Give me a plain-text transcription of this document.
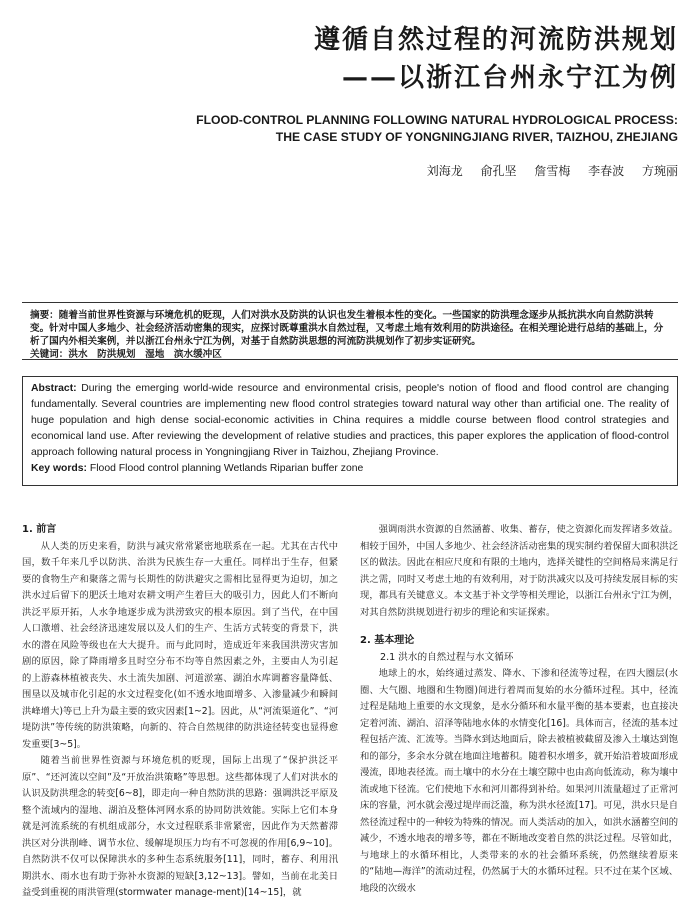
遵循自然过程的河流防洪规划
——以浙江台州永宁江为例
FLOOD-CONTROL PLANNING FOLLOWING NATURAL HYDROLOGICAL PROCESS:
THE CASE STUDY OF YONGNINGJIANG RIVER, TAIZHOU, ZHEJIANG
刘海龙 俞孔坚 詹雪梅 李春波 方琬丽
摘要：随着当前世界性资源与环境危机的贬现，人们对洪水及防洪的认识也发生着根本性的变化。一些国家的防洪理念逐步从抵抗洪水向自然防洪转变。针对中国人多地少、社会经济活动密集的现实，应探讨既尊重洪水自然过程，又考虑土地有效利用的防洪途径。在相关理论进行总结的基础上，分析了国内外相关案例，并以浙江台州永宁江为例，对基于自然防洪思想的河流防洪规划作了初步实证研究。
关键词：洪水　防洪规划　湿地　滨水缓冲区
Abstract: During the emerging world-wide resource and environmental crisis, people's notion of flood and flood control are changing fundamentally. Several countries are implementing new flood control strategies toward natural way other than artificial one. The reality of huge population and high dense social-economic activities in China requires a middle course between flood control strategies and economical land use. After reviewing the development of relative studies and practices, this paper explores the application of flood-control approach following natural process in Yongningjiang River in Taizhou, Zhejiang Province.
Key words: Flood Flood control planning Wetlands Riparian buffer zone
1. 前言

从人类的历史来看，防洪与减灾常常紧密地联系在一起。尤其在古代中国，数千年来几乎以防洪、治洪为民族生存一大重任。同样出于生存，但紧要的食物生产和聚落之需与长期性的防洪避灾之需相比显得更为迫切，加之洪水过后留下的肥沃土地对农耕文明产生着巨大的吸引力，因此人们不断向洪泛平原开拓，人水争地逐步成为洪涝致灾的根本原因。到了当代，在中国人口激增、社会经济迅速发展以及人们的生产、生活方式转变的背景下，洪水的潜在风险等级也在大大提升。而与此同时，造成近年来我国洪涝灾害加剧的原因，除了降雨增多且时空分布不均等自然因素之外，主要由人为引起的上游森林植被丧失、水土流失加剧、河道淤塞、湖泊水库调蓄容量降低、围垦以及城市化引起的水文过程变化(如不透水地面增多、入渗量减少和瞬间洪峰增大)等已上升为最主要的致灾因素[1~2]。因此，从“河流渠道化”、“河堤防洪”等传统的防洪策略，向新的、符合自然规律的防洪途径转变也显得愈发重要[3~5]。

随着当前世界性资源与环境危机的贬现，国际上出现了“保护洪泛平原”、“还河流以空间”及“开放治洪策略”等思想。这些都体现了人们对洪水的认识及防洪理念的转变[6~8]，即走向一种自然防洪的思路：强调洪泛平原及整个流域内的湿地、湖泊及整体河网水系的协同防洪效能。实际上它们本身就是河流系统的有机组成部分，水文过程联系非常紧密，因此作为天然蓄滞洪区对分洪削峰、调节水位、缓解堤坝压力均有不可忽视的作用[6,9~10]。自然防洪不仅可以保障洪水的多种生态系统服务[11]，同时，蓄存、利用汛期洪水、雨水也有助于弥补水资源的短缺[3,12~13]。譬如，当前在北美日益受到重视的雨洪管理(stormwater manage-ment)[14~15]，就

强调雨洪水资源的自然涵蓄、收集、蓄存，使之资源化而发挥诸多效益。相较于国外，中国人多地少、社会经济活动密集的现实制约着保留大面积洪泛区的做法。因此在相应尺度和有限的土地内，选择关键性的空间格局来满足行洪之需，同时又考虑土地的有效利用，对于防洪减灾以及可持续发展目标的实现，都具有关键意义。本文基于补文学等相关理论，以浙江台州永宁江为例，对其自然防洪规划进行初步的理论和实证探索。

2. 基本理论
2.1 洪水的自然过程与水文循环

地球上的水，始终通过蒸发、降水、下渗和径流等过程，在四大圈层(水圈、大气圈、地圈和生物圈)间进行着周而复始的水分循环过程。其中，径流过程是陆地上重要的水文现象，是水分循环和水量平衡的基本要素，也直接决定着河流、湖泊、沼泽等陆地水体的水情变化[16]。具体而言，径流的基本过程包括产流、汇流等。当降水到达地面后，除去被植被截留及渗入土壤达到饱和的部分，多余水分就在地面注地蓄积。随着积水增多，就开始沿着坡面形成漫流，即地表径流。而土壤中的水分在土壤空隙中也由高向低流动，称为壤中流或地下径流。它们使地下水和河川都得到补给。如果河川流量超过了正常河床的容量，河水就会漫过堤岸而泛滥，称为洪水径流[17]。可见，洪水只是自然径流过程中的一种较为特殊的情况。而人类活动的加入，如洪水涵蓄空间的减少，不透水地表的增多等，都在不断地改变着自然的洪泛过程。尽管如此，与地球上的水循环相比，人类带来的水的社会循环系统，仍然继续着原来的“陆地—海洋”的流动过程，仍然属于大的水循环过程。只不过在某个区域、地段的次级水
